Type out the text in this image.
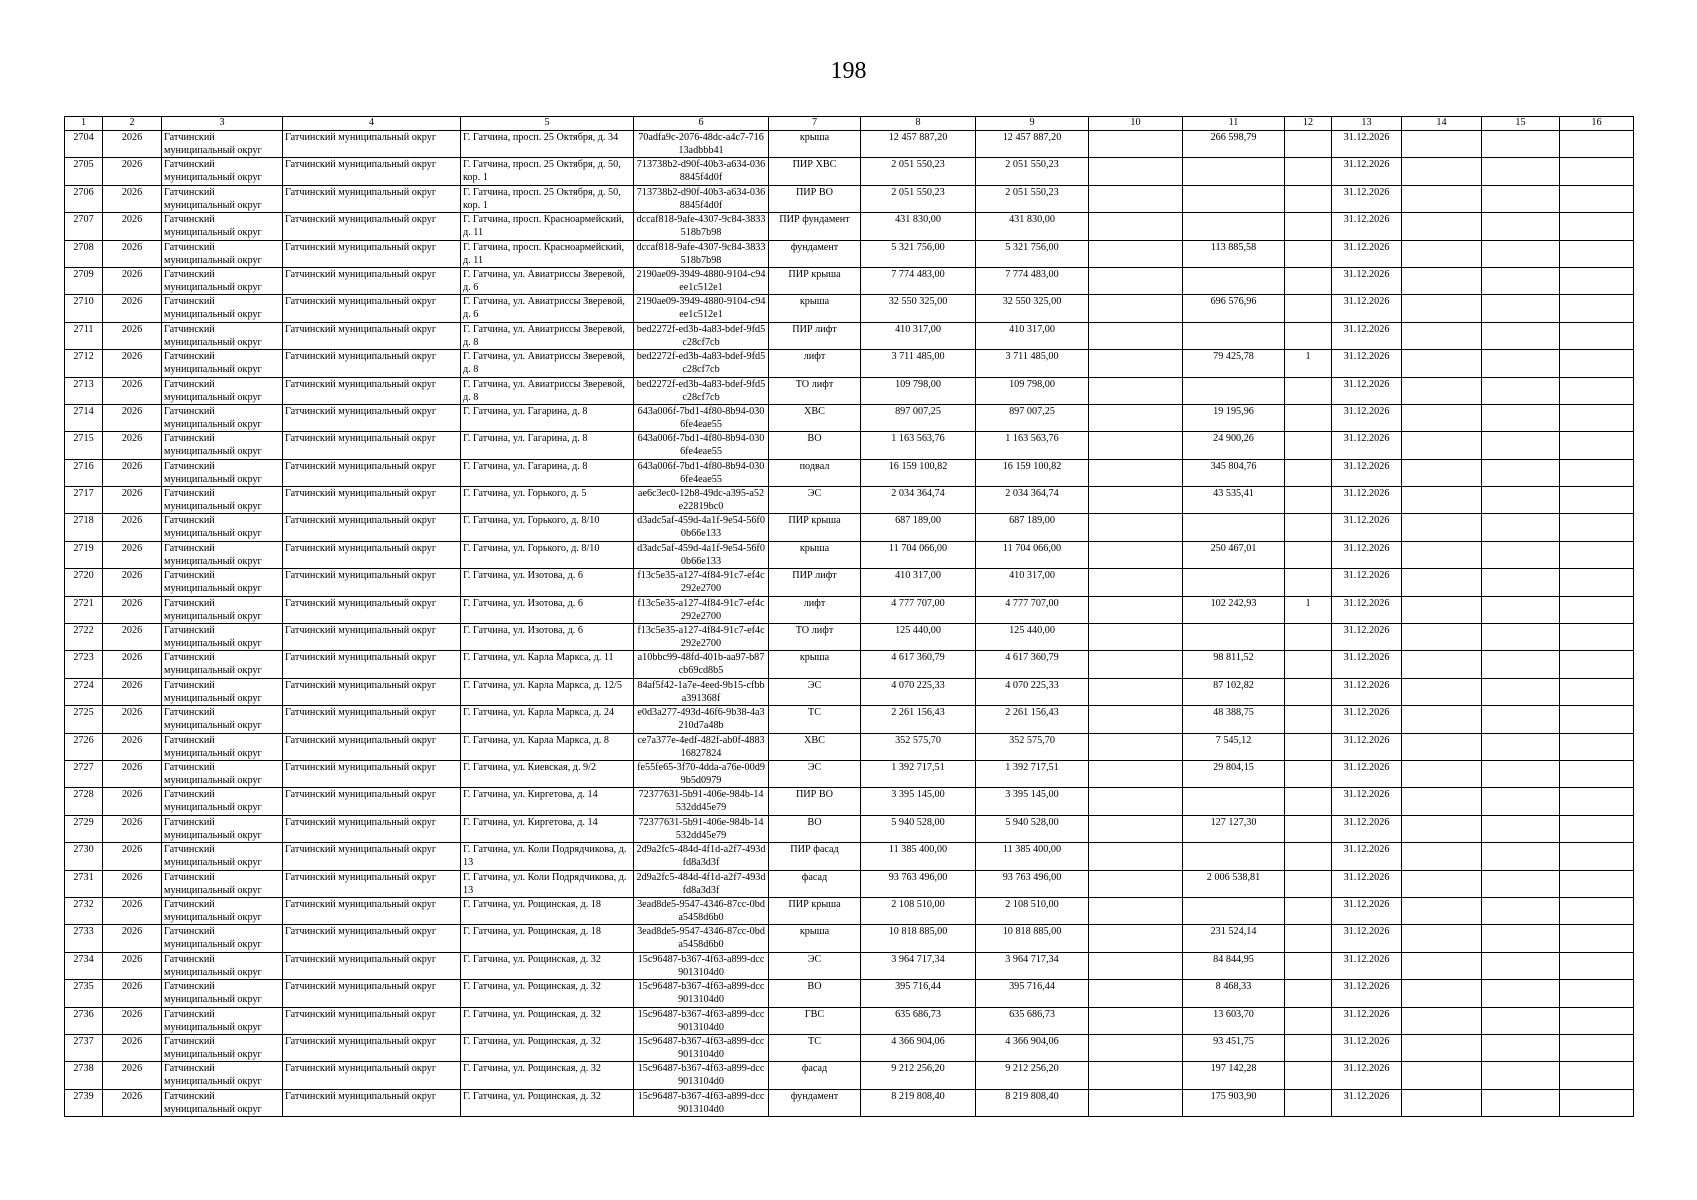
198
1	2	3	4	5	6	7	8	9	10	11	12	13	14	15	16

2704	2026	Гатчинский муниципальный округ	Гатчинский муниципальный округ	Г. Гатчина, просп. 25 Октября, д. 34	70adfa9c-2076-48dc-a4c7-71613adbbb41	крыша	12 457 887,20	12 457 887,20		266 598,79		31.12.2026			

2705	2026	Гатчинский муниципальный округ	Гатчинский муниципальный округ	Г. Гатчина, просп. 25 Октября, д. 50, кор. 1	713738b2-d90f-40b3-a634-0368845f4d0f	ПИР ХВС	2 051 550,23	2 051 550,23				31.12.2026			

2706	2026	Гатчинский муниципальный округ	Гатчинский муниципальный округ	Г. Гатчина, просп. 25 Октября, д. 50, кор. 1	713738b2-d90f-40b3-a634-0368845f4d0f	ПИР ВО	2 051 550,23	2 051 550,23				31.12.2026			

2707	2026	Гатчинский муниципальный округ	Гатчинский муниципальный округ	Г. Гатчина, просп. Красноармейский, д. 11	dccaf818-9afe-4307-9c84-3833518b7b98	ПИР фундамент	431 830,00	431 830,00				31.12.2026			

2708	2026	Гатчинский муниципальный округ	Гатчинский муниципальный округ	Г. Гатчина, просп. Красноармейский, д. 11	dccaf818-9afe-4307-9c84-3833518b7b98	фундамент	5 321 756,00	5 321 756,00		113 885,58		31.12.2026			

2709	2026	Гатчинский муниципальный округ	Гатчинский муниципальный округ	Г. Гатчина, ул. Авиатриссы Зверевой, д. 6	2190ae09-3949-4880-9104-c94ee1c512e1	ПИР крыша	7 774 483,00	7 774 483,00				31.12.2026			

2710	2026	Гатчинский муниципальный округ	Гатчинский муниципальный округ	Г. Гатчина, ул. Авиатриссы Зверевой, д. 6	2190ae09-3949-4880-9104-c94ee1c512e1	крыша	32 550 325,00	32 550 325,00		696 576,96		31.12.2026			

2711	2026	Гатчинский муниципальный округ	Гатчинский муниципальный округ	Г. Гатчина, ул. Авиатриссы Зверевой, д. 8	bed2272f-ed3b-4a83-bdef-9fd5c28cf7cb	ПИР лифт	410 317,00	410 317,00				31.12.2026			

2712	2026	Гатчинский муниципальный округ	Гатчинский муниципальный округ	Г. Гатчина, ул. Авиатриссы Зверевой, д. 8	bed2272f-ed3b-4a83-bdef-9fd5c28cf7cb	лифт	3 711 485,00	3 711 485,00		79 425,78	1	31.12.2026			

2713	2026	Гатчинский муниципальный округ	Гатчинский муниципальный округ	Г. Гатчина, ул. Авиатриссы Зверевой, д. 8	bed2272f-ed3b-4a83-bdef-9fd5c28cf7cb	ТО лифт	109 798,00	109 798,00				31.12.2026			

2714	2026	Гатчинский муниципальный округ	Гатчинский муниципальный округ	Г. Гатчина, ул. Гагарина, д. 8	643a006f-7bd1-4f80-8b94-0306fe4eae55	ХВС	897 007,25	897 007,25		19 195,96		31.12.2026			

2715	2026	Гатчинский муниципальный округ	Гатчинский муниципальный округ	Г. Гатчина, ул. Гагарина, д. 8	643a006f-7bd1-4f80-8b94-0306fe4eae55	ВО	1 163 563,76	1 163 563,76		24 900,26		31.12.2026			

2716	2026	Гатчинский муниципальный округ	Гатчинский муниципальный округ	Г. Гатчина, ул. Гагарина, д. 8	643a006f-7bd1-4f80-8b94-0306fe4eae55	подвал	16 159 100,82	16 159 100,82		345 804,76		31.12.2026			

2717	2026	Гатчинский муниципальный округ	Гатчинский муниципальный округ	Г. Гатчина, ул. Горького, д. 5	ae6c3ec0-12b8-49dc-a395-a52e22819bc0	ЭС	2 034 364,74	2 034 364,74		43 535,41		31.12.2026			

2718	2026	Гатчинский муниципальный округ	Гатчинский муниципальный округ	Г. Гатчина, ул. Горького, д. 8/10	d3adc5af-459d-4a1f-9e54-56f00b66e133	ПИР крыша	687 189,00	687 189,00				31.12.2026			

2719	2026	Гатчинский муниципальный округ	Гатчинский муниципальный округ	Г. Гатчина, ул. Горького, д. 8/10	d3adc5af-459d-4a1f-9e54-56f00b66e133	крыша	11 704 066,00	11 704 066,00		250 467,01		31.12.2026			

2720	2026	Гатчинский муниципальный округ	Гатчинский муниципальный округ	Г. Гатчина, ул. Изотова, д. 6	f13c5e35-a127-4f84-91c7-ef4c292e2700	ПИР лифт	410 317,00	410 317,00				31.12.2026			

2721	2026	Гатчинский муниципальный округ	Гатчинский муниципальный округ	Г. Гатчина, ул. Изотова, д. 6	f13c5e35-a127-4f84-91c7-ef4c292e2700	лифт	4 777 707,00	4 777 707,00		102 242,93	1	31.12.2026			

2722	2026	Гатчинский муниципальный округ	Гатчинский муниципальный округ	Г. Гатчина, ул. Изотова, д. 6	f13c5e35-a127-4f84-91c7-ef4c292e2700	ТО лифт	125 440,00	125 440,00				31.12.2026			

2723	2026	Гатчинский муниципальный округ	Гатчинский муниципальный округ	Г. Гатчина, ул. Карла Маркса, д. 11	a10bbc99-48fd-401b-aa97-b87cb69cd8b5	крыша	4 617 360,79	4 617 360,79		98 811,52		31.12.2026			

2724	2026	Гатчинский муниципальный округ	Гатчинский муниципальный округ	Г. Гатчина, ул. Карла Маркса, д. 12/5	84af5f42-1a7e-4eed-9b15-cfbba391368f	ЭС	4 070 225,33	4 070 225,33		87 102,82		31.12.2026			

2725	2026	Гатчинский муниципальный округ	Гатчинский муниципальный округ	Г. Гатчина, ул. Карла Маркса, д. 24	e0d3a277-493d-46f6-9b38-4a3210d7a48b	ТС	2 261 156,43	2 261 156,43		48 388,75		31.12.2026			

2726	2026	Гатчинский муниципальный округ	Гатчинский муниципальный округ	Г. Гатчина, ул. Карла Маркса, д. 8	ce7a377e-4edf-482f-ab0f-488316827824	ХВС	352 575,70	352 575,70		7 545,12		31.12.2026			

2727	2026	Гатчинский муниципальный округ	Гатчинский муниципальный округ	Г. Гатчина, ул. Киевская, д. 9/2	fe55fe65-3f70-4dda-a76e-00d99b5d0979	ЭС	1 392 717,51	1 392 717,51		29 804,15		31.12.2026			

2728	2026	Гатчинский муниципальный округ	Гатчинский муниципальный округ	Г. Гатчина, ул. Киргетова, д. 14	72377631-5b91-406e-984b-14532dd45e79	ПИР ВО	3 395 145,00	3 395 145,00				31.12.2026			

2729	2026	Гатчинский муниципальный округ	Гатчинский муниципальный округ	Г. Гатчина, ул. Киргетова, д. 14	72377631-5b91-406e-984b-14532dd45e79	ВО	5 940 528,00	5 940 528,00		127 127,30		31.12.2026			

2730	2026	Гатчинский муниципальный округ	Гатчинский муниципальный округ	Г. Гатчина, ул. Коли Подрядчикова, д. 13	2d9a2fc5-484d-4f1d-a2f7-493dfd8a3d3f	ПИР фасад	11 385 400,00	11 385 400,00				31.12.2026			

2731	2026	Гатчинский муниципальный округ	Гатчинский муниципальный округ	Г. Гатчина, ул. Коли Подрядчикова, д. 13	2d9a2fc5-484d-4f1d-a2f7-493dfd8a3d3f	фасад	93 763 496,00	93 763 496,00		2 006 538,81		31.12.2026			

2732	2026	Гатчинский муниципальный округ	Гатчинский муниципальный округ	Г. Гатчина, ул. Рощинская, д. 18	3ead8de5-9547-4346-87cc-0bda5458d6b0	ПИР крыша	2 108 510,00	2 108 510,00				31.12.2026			

2733	2026	Гатчинский муниципальный округ	Гатчинский муниципальный округ	Г. Гатчина, ул. Рощинская, д. 18	3ead8de5-9547-4346-87cc-0bda5458d6b0	крыша	10 818 885,00	10 818 885,00		231 524,14		31.12.2026			

2734	2026	Гатчинский муниципальный округ	Гатчинский муниципальный округ	Г. Гатчина, ул. Рощинская, д. 32	15c96487-b367-4f63-a899-dcc9013104d0	ЭС	3 964 717,34	3 964 717,34		84 844,95		31.12.2026			

2735	2026	Гатчинский муниципальный округ	Гатчинский муниципальный округ	Г. Гатчина, ул. Рощинская, д. 32	15c96487-b367-4f63-a899-dcc9013104d0	ВО	395 716,44	395 716,44		8 468,33		31.12.2026			

2736	2026	Гатчинский муниципальный округ	Гатчинский муниципальный округ	Г. Гатчина, ул. Рощинская, д. 32	15c96487-b367-4f63-a899-dcc9013104d0	ГВС	635 686,73	635 686,73		13 603,70		31.12.2026			

2737	2026	Гатчинский муниципальный округ	Гатчинский муниципальный округ	Г. Гатчина, ул. Рощинская, д. 32	15c96487-b367-4f63-a899-dcc9013104d0	ТС	4 366 904,06	4 366 904,06		93 451,75		31.12.2026			

2738	2026	Гатчинский муниципальный округ	Гатчинский муниципальный округ	Г. Гатчина, ул. Рощинская, д. 32	15c96487-b367-4f63-a899-dcc9013104d0	фасад	9 212 256,20	9 212 256,20		197 142,28		31.12.2026			

2739	2026	Гатчинский муниципальный округ	Гатчинский муниципальный округ	Г. Гатчина, ул. Рощинская, д. 32	15c96487-b367-4f63-a899-dcc9013104d0	фундамент	8 219 808,40	8 219 808,40		175 903,90		31.12.2026			
